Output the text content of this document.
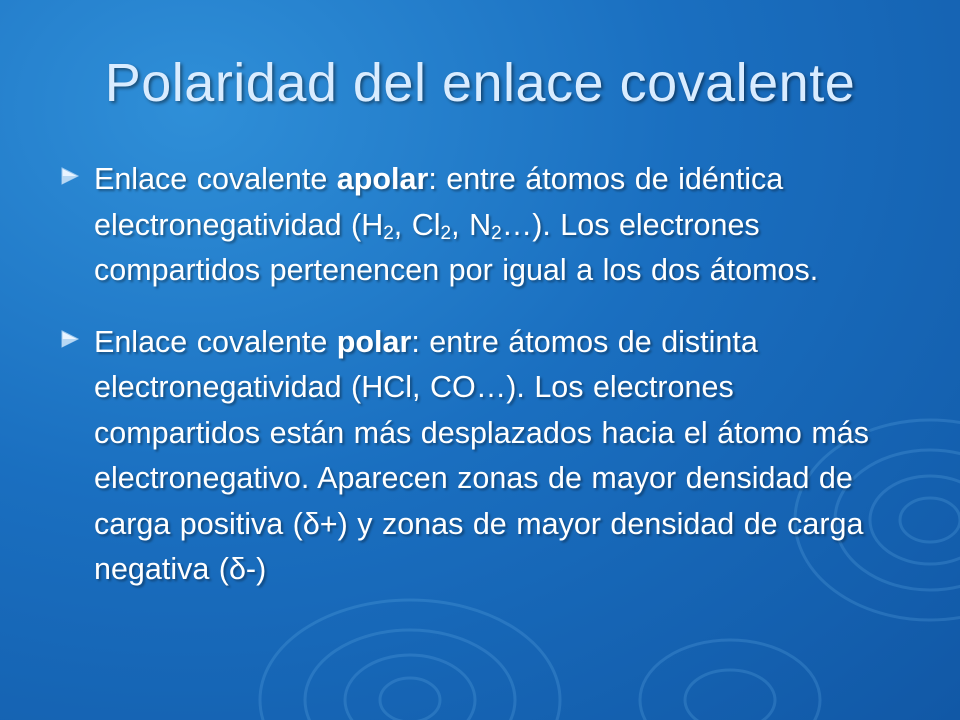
Polaridad del enlace covalente
Enlace covalente apolar: entre átomos de idéntica electronegatividad ($H_2$, $Cl_2$, $N_2\dots$). Los electrones compartidos pertenencen por igual a los dos átomos.
Enlace covalente polar: entre átomos de distinta electronegatividad (HCl, CO…). Los electrones compartidos están más desplazados hacia el átomo más electronegativo. Aparecen zonas de mayor densidad de carga positiva (δ+) y zonas de mayor densidad de carga negativa (δ-)
